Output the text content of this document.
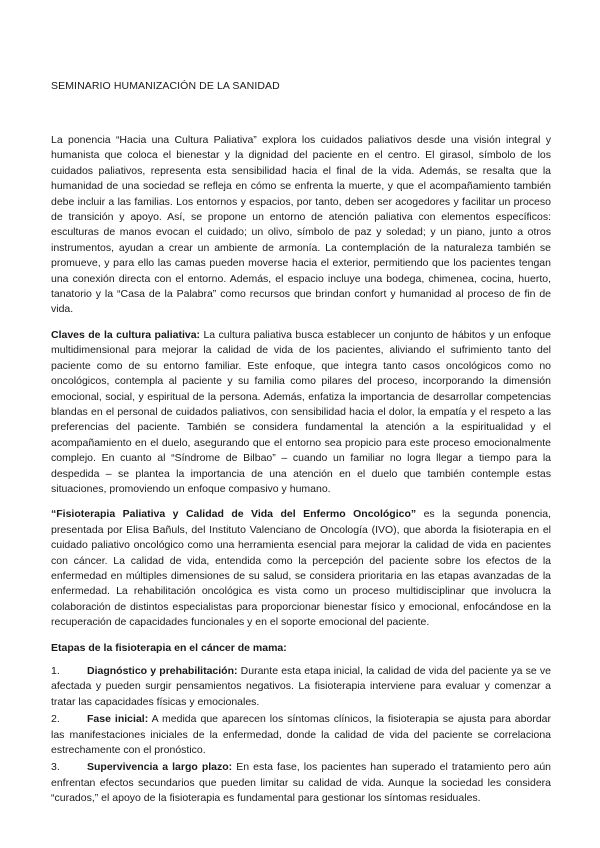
SEMINARIO HUMANIZACIÓN DE LA SANIDAD

La ponencia “Hacia una Cultura Paliativa” explora los cuidados paliativos desde una visión integral y humanista que coloca el bienestar y la dignidad del paciente en el centro. El girasol, símbolo de los cuidados paliativos, representa esta sensibilidad hacia el final de la vida. Además, se resalta que la humanidad de una sociedad se refleja en cómo se enfrenta la muerte, y que el acompañamiento también debe incluir a las familias. Los entornos y espacios, por tanto, deben ser acogedores y facilitar un proceso de transición y apoyo. Así, se propone un entorno de atención paliativa con elementos específicos: esculturas de manos evocan el cuidado; un olivo, símbolo de paz y soledad; y un piano, junto a otros instrumentos, ayudan a crear un ambiente de armonía. La contemplación de la naturaleza también se promueve, y para ello las camas pueden moverse hacia el exterior, permitiendo que los pacientes tengan una conexión directa con el entorno. Además, el espacio incluye una bodega, chimenea, cocina, huerto, tanatorio y la “Casa de la Palabra” como recursos que brindan confort y humanidad al proceso de fin de vida.

Claves de la cultura paliativa: La cultura paliativa busca establecer un conjunto de hábitos y un enfoque multidimensional para mejorar la calidad de vida de los pacientes, aliviando el sufrimiento tanto del paciente como de su entorno familiar. Este enfoque, que integra tanto casos oncológicos como no oncológicos, contempla al paciente y su familia como pilares del proceso, incorporando la dimensión emocional, social, y espiritual de la persona. Además, enfatiza la importancia de desarrollar competencias blandas en el personal de cuidados paliativos, con sensibilidad hacia el dolor, la empatía y el respeto a las preferencias del paciente. También se considera fundamental la atención a la espiritualidad y el acompañamiento en el duelo, asegurando que el entorno sea propicio para este proceso emocionalmente complejo. En cuanto al “Síndrome de Bilbao” – cuando un familiar no logra llegar a tiempo para la despedida – se plantea la importancia de una atención en el duelo que también contemple estas situaciones, promoviendo un enfoque compasivo y humano.

“Fisioterapia Paliativa y Calidad de Vida del Enfermo Oncológico” es la segunda ponencia, presentada por Elisa Bañuls, del Instituto Valenciano de Oncología (IVO), que aborda la fisioterapia en el cuidado paliativo oncológico como una herramienta esencial para mejorar la calidad de vida en pacientes con cáncer. La calidad de vida, entendida como la percepción del paciente sobre los efectos de la enfermedad en múltiples dimensiones de su salud, se considera prioritaria en las etapas avanzadas de la enfermedad. La rehabilitación oncológica es vista como un proceso multidisciplinar que involucra la colaboración de distintos especialistas para proporcionar bienestar físico y emocional, enfocándose en la recuperación de capacidades funcionales y en el soporte emocional del paciente.

Etapas de la fisioterapia en el cáncer de mama:

1.	Diagnóstico y prehabilitación: Durante esta etapa inicial, la calidad de vida del paciente ya se ve afectada y pueden surgir pensamientos negativos. La fisioterapia interviene para evaluar y comenzar a tratar las capacidades físicas y emocionales.

2.	Fase inicial: A medida que aparecen los síntomas clínicos, la fisioterapia se ajusta para abordar las manifestaciones iniciales de la enfermedad, donde la calidad de vida del paciente se correlaciona estrechamente con el pronóstico.

3.	Supervivencia a largo plazo: En esta fase, los pacientes han superado el tratamiento pero aún enfrentan efectos secundarios que pueden limitar su calidad de vida. Aunque la sociedad les considera “curados,” el apoyo de la fisioterapia es fundamental para gestionar los síntomas residuales.
